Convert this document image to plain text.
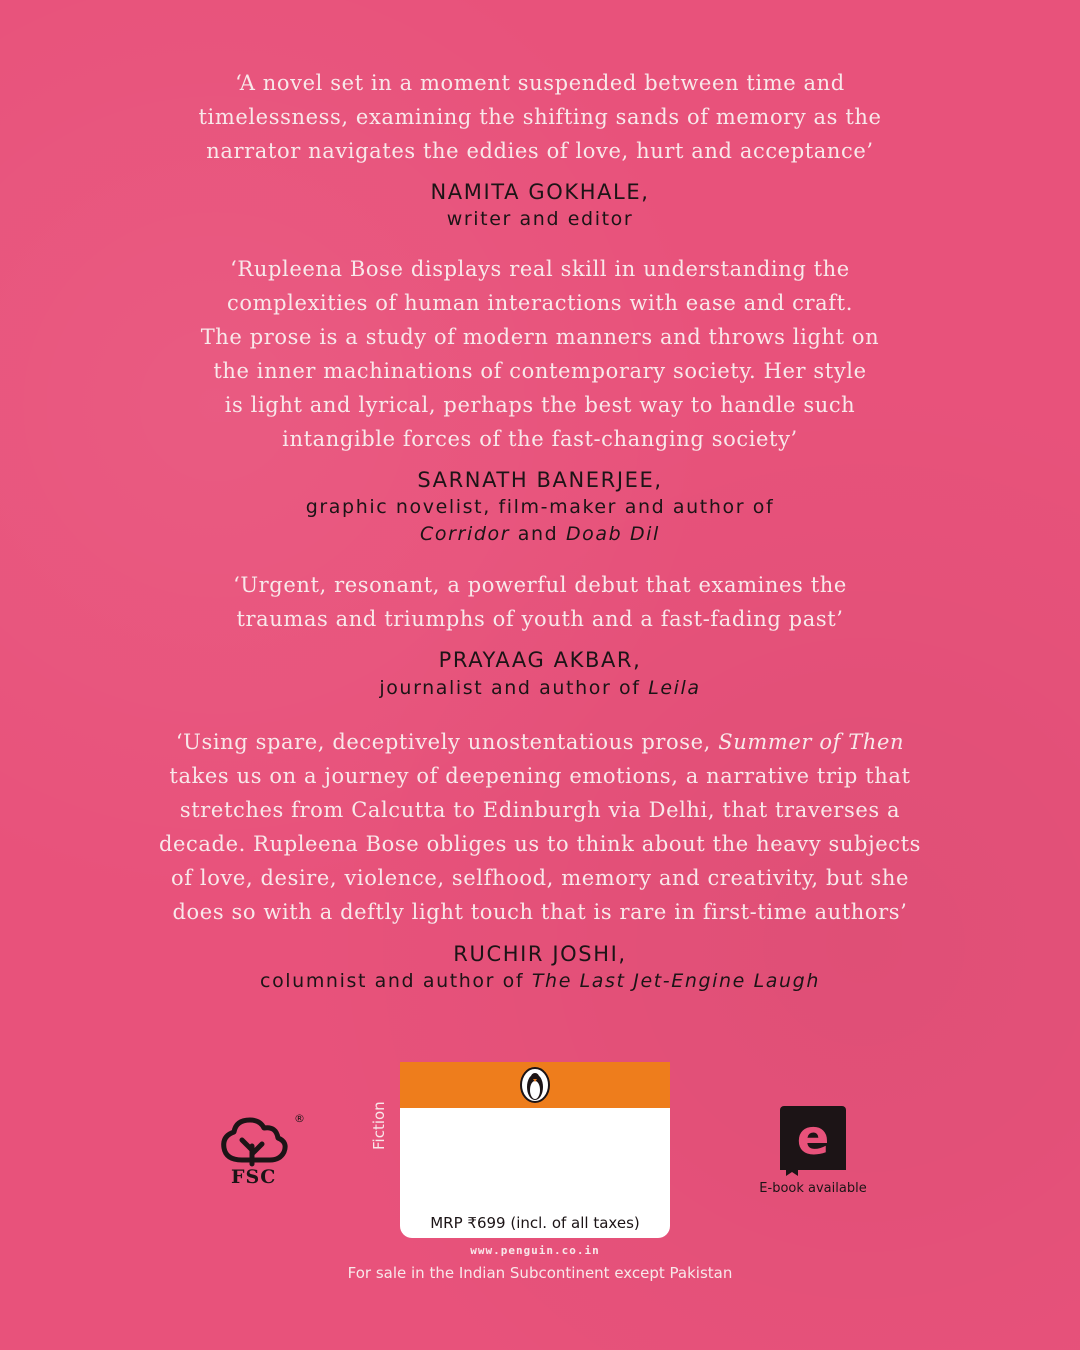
‘A novel set in a moment suspended between time and
timelessness, examining the shifting sands of memory as the
narrator navigates the eddies of love, hurt and acceptance’
NAMITA GOKHALE,
writer and editor
‘Rupleena Bose displays real skill in understanding the
complexities of human interactions with ease and craft.
The prose is a study of modern manners and throws light on
the inner machinations of contemporary society. Her style
is light and lyrical, perhaps the best way to handle such
intangible forces of the fast-changing society’
SARNATH BANERJEE,
graphic novelist, film-maker and author of
Corridor and Doab Dil
‘Urgent, resonant, a powerful debut that examines the
traumas and triumphs of youth and a fast-fading past’
PRAYAAG AKBAR,
journalist and author of Leila
‘Using spare, deceptively unostentatious prose, Summer of Then
takes us on a journey of deepening emotions, a narrative trip that
stretches from Calcutta to Edinburgh via Delhi, that traverses a
decade. Rupleena Bose obliges us to think about the heavy subjects
of love, desire, violence, selfhood, memory and creativity, but she
does so with a deftly light touch that is rare in first-time authors’
RUCHIR JOSHI,
columnist and author of The Last Jet-Engine Laugh
®
FSC
Fiction
MRP ₹699 (incl. of all taxes)
www.penguin.co.in
For sale in the Indian Subcontinent except Pakistan
e
E-book available
